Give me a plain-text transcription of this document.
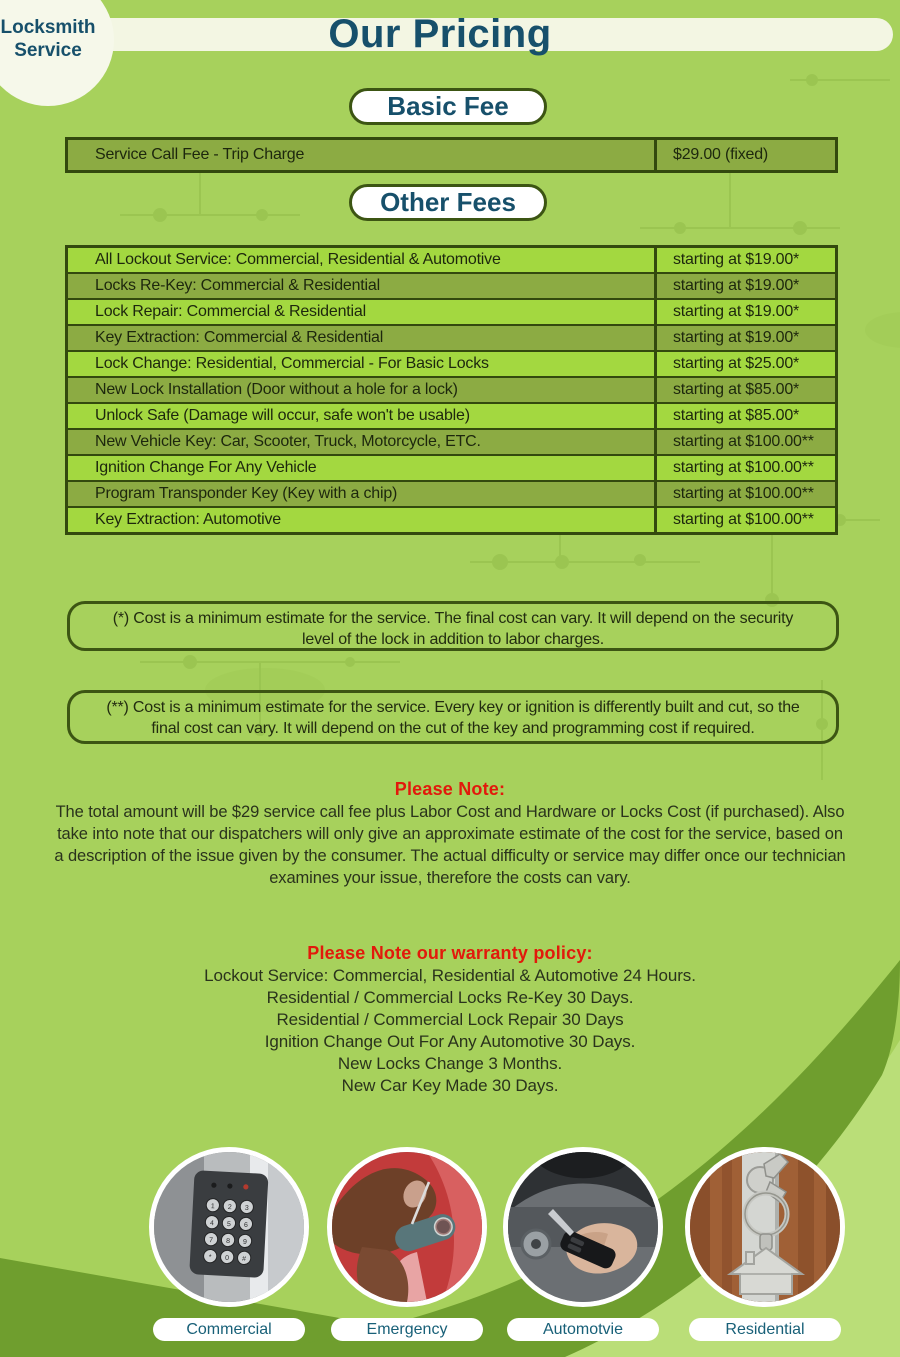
Our Pricing
Locksmith
Service
Basic Fee
Service Call Fee - Trip Charge	$29.00 (fixed)
Other Fees
All Lockout Service: Commercial, Residential & Automotive	starting at $19.00*
Locks Re-Key: Commercial & Residential	starting at $19.00*
Lock Repair: Commercial & Residential	starting at $19.00*
Key Extraction: Commercial & Residential	starting at $19.00*
Lock Change: Residential, Commercial - For Basic Locks	starting at $25.00*
New Lock Installation (Door without a hole for a lock)	starting at $85.00*
Unlock Safe (Damage will occur, safe won't be usable)	starting at $85.00*
New Vehicle Key: Car, Scooter, Truck, Motorcycle, ETC.	starting at $100.00**
Ignition Change For Any Vehicle	starting at $100.00**
Program Transponder Key (Key with a chip)	starting at $100.00**
Key Extraction: Automotive	starting at $100.00**
(*) Cost is a minimum estimate for the service. The final cost can vary. It will depend on the security level of the lock in addition to labor charges.
(**) Cost is a minimum estimate for the service. Every key or ignition is differently built and cut, so the final cost can vary. It will depend on the cut of the key and programming cost if required.
Please Note:

The total amount will be $29 service call fee plus Labor Cost and Hardware or Locks Cost (if purchased). Also take into note that our dispatchers will only give an approximate estimate of the cost for the service, based on a description of the issue given by the consumer. The actual difficulty or service may differ once our technician examines your issue, therefore the costs can vary.

Please Note our warranty policy:
Lockout Service: Commercial, Residential & Automotive 24 Hours.
Residential / Commercial Locks Re-Key 30 Days.
Residential / Commercial Lock Repair 30 Days
Ignition Change Out For Any Automotive 30 Days.
New Locks Change 3 Months.
New Car Key Made 30 Days.
1 2 3
4 5 6
7 8 9
* 0 #
Commercial	Emergency	Automotvie	Residential
